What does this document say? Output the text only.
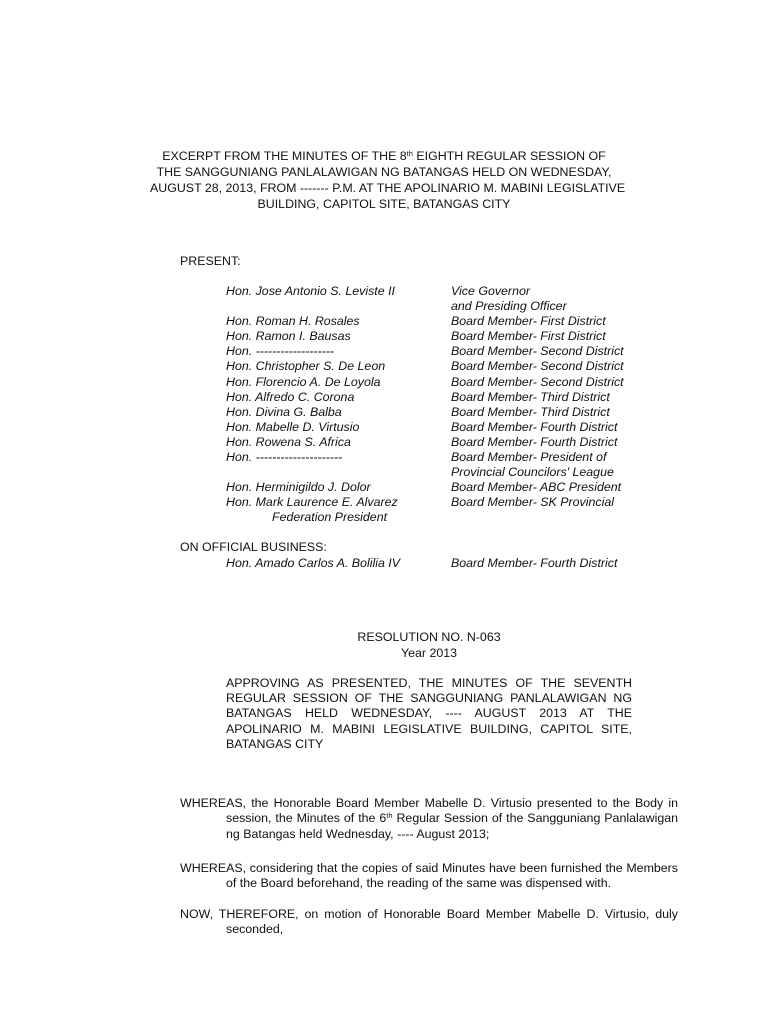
EXCERPT FROM THE MINUTES OF THE 8th EIGHTH REGULAR SESSION OF
THE SANGGUNIANG PANLALAWIGAN NG BATANGAS HELD ON WEDNESDAY,
AUGUST 28, 2013, FROM ------- P.M. AT THE APOLINARIO M. MABINI LEGISLATIVE
BUILDING, CAPITOL SITE, BATANGAS CITY
PRESENT:
Hon. Jose Antonio S. Leviste II	Vice Governor
and Presiding Officer
Hon. Roman H. Rosales	Board Member- First District
Hon. Ramon I. Bausas	Board Member- First District
Hon. -------------------	Board Member- Second District
Hon. Christopher S. De Leon	Board Member- Second District
Hon. Florencio A. De Loyola	Board Member- Second District
Hon. Alfredo C. Corona	Board Member- Third District
Hon. Divina G. Balba	Board Member- Third District
Hon. Mabelle D. Virtusio	Board Member- Fourth District
Hon. Rowena S. Africa	Board Member- Fourth District
Hon. ---------------------	Board Member- President of
Provincial Councilors' League
Hon. Herminigildo J. Dolor	Board Member- ABC President
Hon. Mark Laurence E. Alvarez	Board Member- SK Provincial
Federation President
ON OFFICIAL BUSINESS:
Hon. Amado Carlos A. Bolilia IV	Board Member- Fourth District
RESOLUTION NO. N-063
Year 2013
APPROVING AS PRESENTED, THE MINUTES OF THE SEVENTH
REGULAR SESSION OF THE SANGGUNIANG PANLALAWIGAN NG
BATANGAS HELD WEDNESDAY, ---- AUGUST 2013 AT THE
APOLINARIO M. MABINI LEGISLATIVE BUILDING, CAPITOL SITE,
BATANGAS CITY
WHEREAS, the Honorable Board Member Mabelle D. Virtusio presented to the Body in
session, the Minutes of the 6th Regular Session of the Sangguniang Panlalawigan
ng Batangas held Wednesday, ---- August 2013;
WHEREAS, considering that the copies of said Minutes have been furnished the Members
of the Board beforehand, the reading of the same was dispensed with.
NOW, THEREFORE, on motion of Honorable Board Member Mabelle D. Virtusio, duly
seconded,
